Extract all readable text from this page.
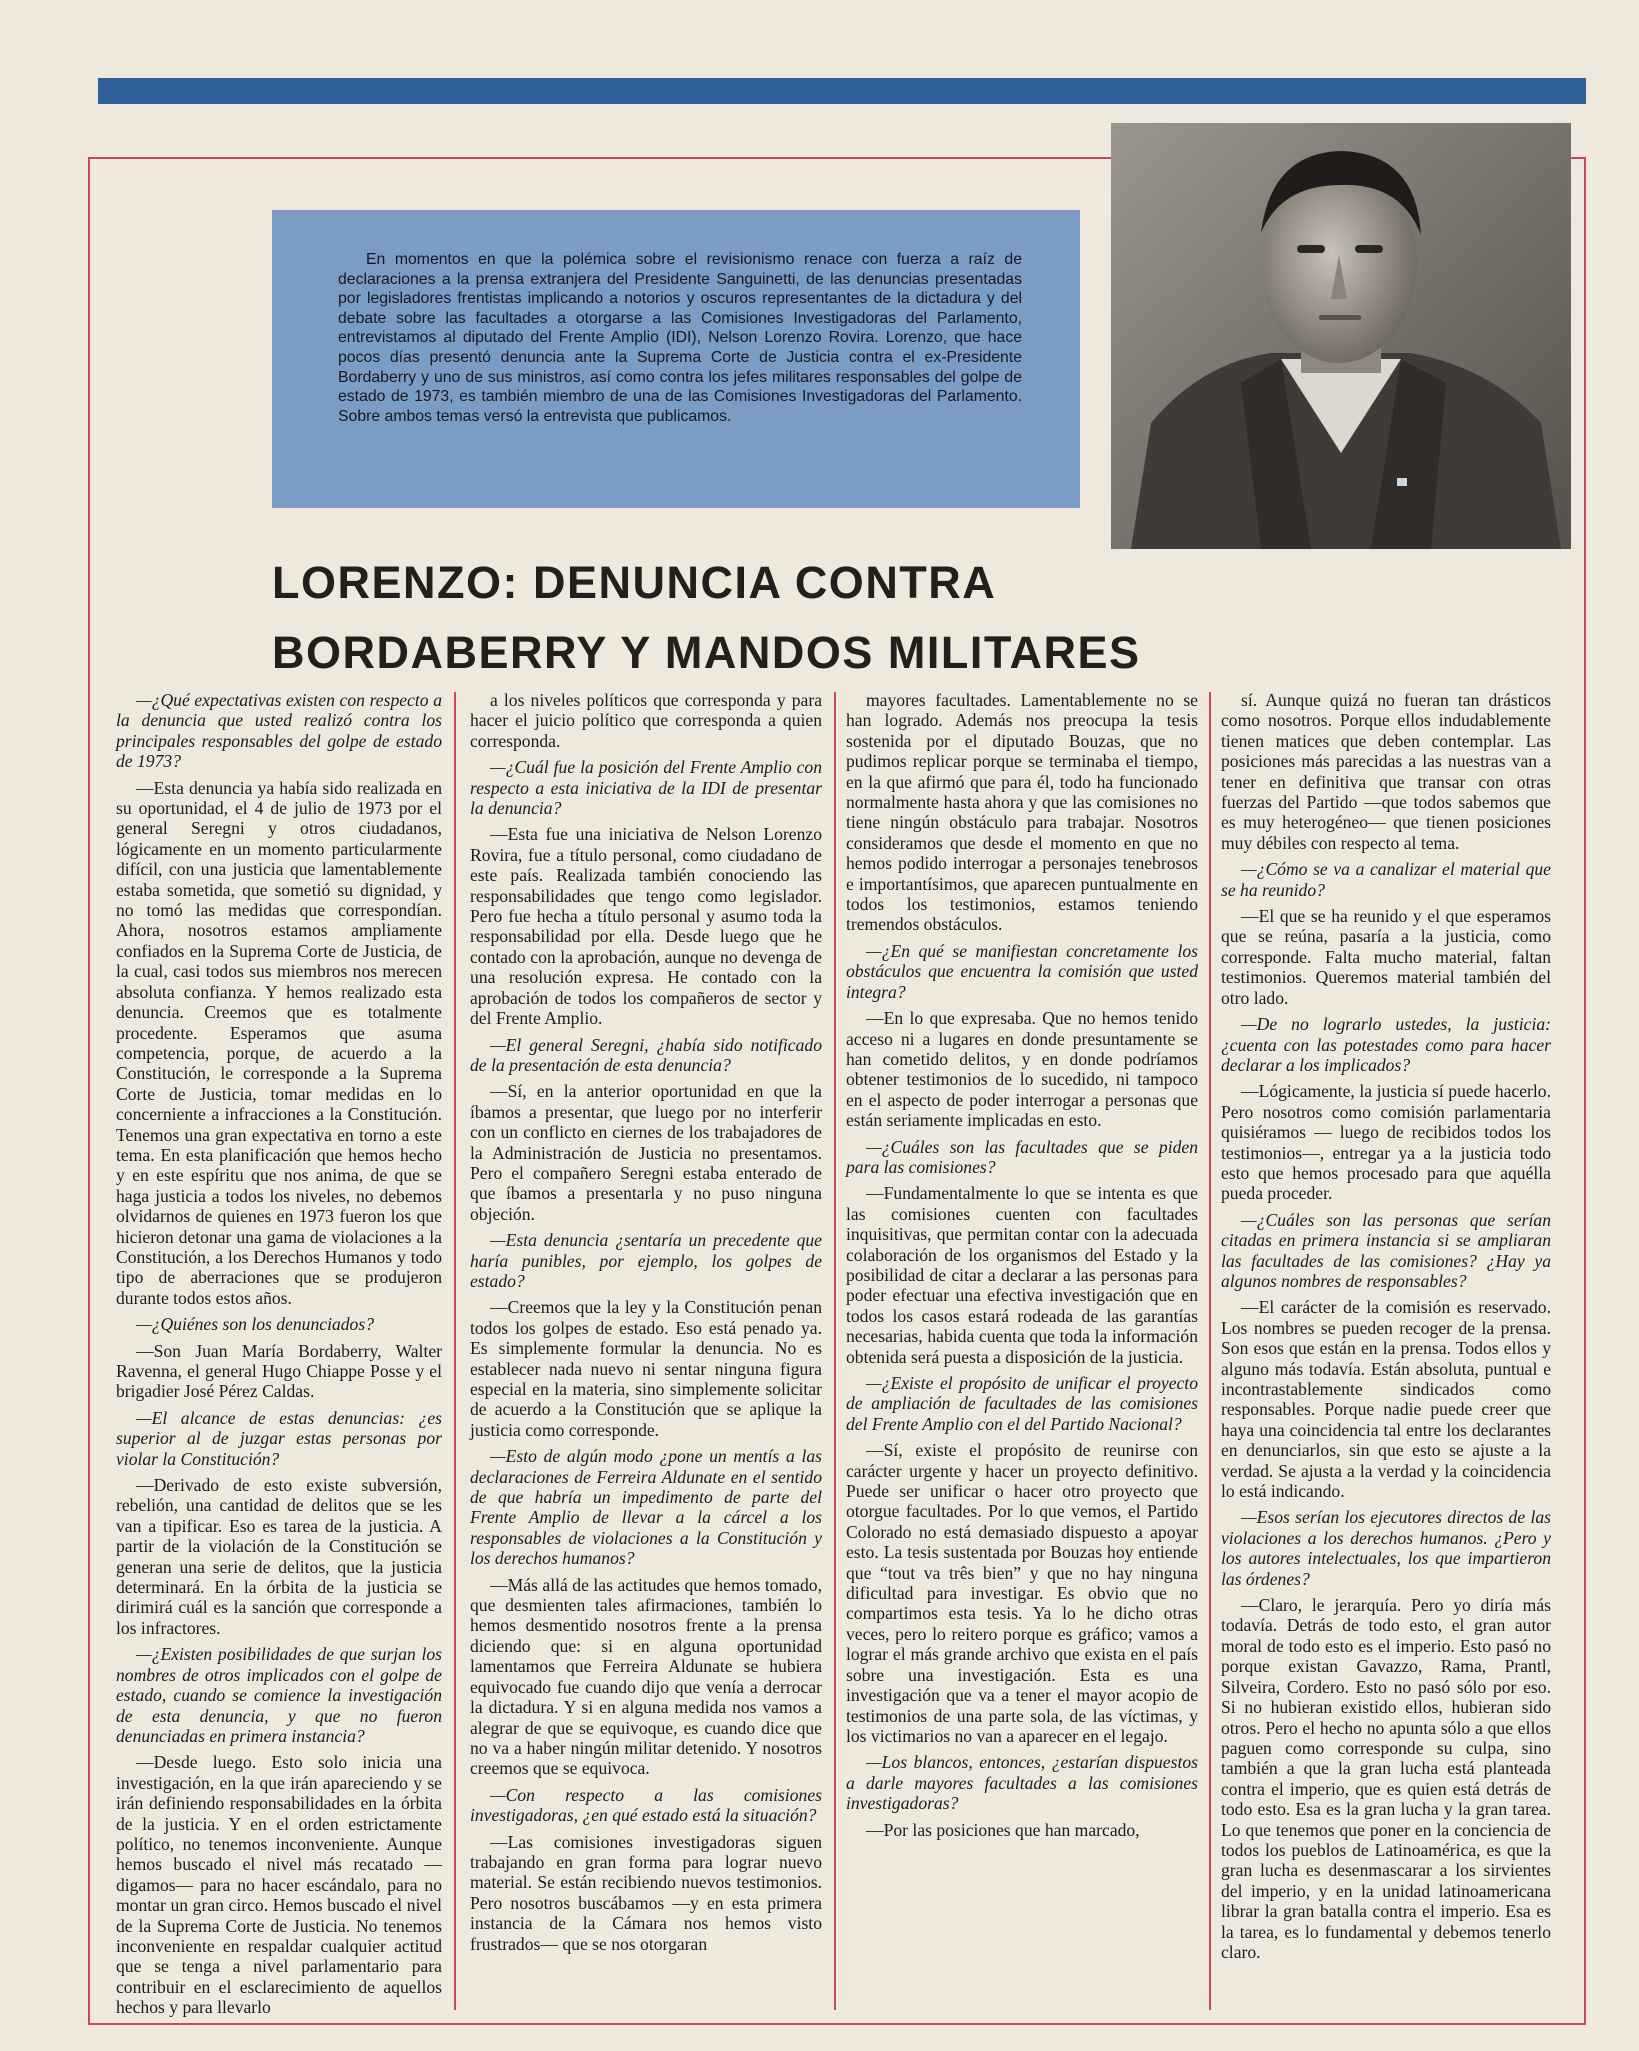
En momentos en que la polémica sobre el revisionismo renace con fuerza a raíz de declaraciones a la prensa extranjera del Presidente Sanguinetti, de las denuncias presentadas por legisladores frentistas implicando a notorios y oscuros representantes de la dictadura y del debate sobre las facultades a otorgarse a las Comisiones Investigadoras del Parlamento, entrevistamos al diputado del Frente Amplio (IDI), Nelson Lorenzo Rovira. Lorenzo, que hace pocos días presentó denuncia ante la Suprema Corte de Justicia contra el ex-Presidente Bordaberry y uno de sus ministros, así como contra los jefes militares responsables del golpe de estado de 1973, es también miembro de una de las Comisiones Investigadoras del Parlamento. Sobre ambos temas versó la entrevista que publicamos.
LORENZO: DENUNCIA CONTRA
BORDABERRY Y MANDOS MILITARES

—¿Qué expectativas existen con respecto a la denuncia que usted realizó contra los principales responsables del golpe de estado de 1973?

—Esta denuncia ya había sido realizada en su oportunidad, el 4 de julio de 1973 por el general Seregni y otros ciudadanos, lógicamente en un momento particularmente difícil, con una justicia que lamentablemente estaba sometida, que sometió su dignidad, y no tomó las medidas que correspondían. Ahora, nosotros estamos ampliamente confiados en la Suprema Corte de Justicia, de la cual, casi todos sus miembros nos merecen absoluta confianza. Y hemos realizado esta denuncia. Creemos que es totalmente procedente. Esperamos que asuma competencia, porque, de acuerdo a la Constitución, le corresponde a la Suprema Corte de Justicia, tomar medidas en lo concerniente a infracciones a la Constitución. Tenemos una gran expectativa en torno a este tema. En esta planificación que hemos hecho y en este espíritu que nos anima, de que se haga justicia a todos los niveles, no debemos olvidarnos de quienes en 1973 fueron los que hicieron detonar una gama de violaciones a la Constitución, a los Derechos Humanos y todo tipo de aberraciones que se produjeron durante todos estos años.

—¿Quiénes son los denunciados?

—Son Juan María Bordaberry, Walter Ravenna, el general Hugo Chiappe Posse y el brigadier José Pérez Caldas.

—El alcance de estas denuncias: ¿es superior al de juzgar estas personas por violar la Constitución?

—Derivado de esto existe subversión, rebelión, una cantidad de delitos que se les van a tipificar. Eso es tarea de la justicia. A partir de la violación de la Constitución se generan una serie de delitos, que la justicia determinará. En la órbita de la justicia se dirimirá cuál es la sanción que corresponde a los infractores.

—¿Existen posibilidades de que surjan los nombres de otros implicados con el golpe de estado, cuando se comience la investigación de esta denuncia, y que no fueron denunciadas en primera instancia?

—Desde luego. Esto solo inicia una investigación, en la que irán apareciendo y se irán definiendo responsabilidades en la órbita de la justicia. Y en el orden estrictamente político, no tenemos inconveniente. Aunque hemos buscado el nivel más recatado —digamos— para no hacer escándalo, para no montar un gran circo. Hemos buscado el nivel de la Suprema Corte de Justicia. No tenemos inconveniente en respaldar cualquier actitud que se tenga a nivel parlamentario para contribuir en el esclarecimiento de aquellos hechos y para llevarlo

a los niveles políticos que corresponda y para hacer el juicio político que corresponda a quien corresponda.

—¿Cuál fue la posición del Frente Amplio con respecto a esta iniciativa de la IDI de presentar la denuncia?

—Esta fue una iniciativa de Nelson Lorenzo Rovira, fue a título personal, como ciudadano de este país. Realizada también conociendo las responsabilidades que tengo como legislador. Pero fue hecha a título personal y asumo toda la responsabilidad por ella. Desde luego que he contado con la aprobación, aunque no devenga de una resolución expresa. He contado con la aprobación de todos los compañeros de sector y del Frente Amplio.

—El general Seregni, ¿había sido notificado de la presentación de esta denuncia?

—Sí, en la anterior oportunidad en que la íbamos a presentar, que luego por no interferir con un conflicto en ciernes de los trabajadores de la Administración de Justicia no presentamos. Pero el compañero Seregni estaba enterado de que íbamos a presentarla y no puso ninguna objeción.

—Esta denuncia ¿sentaría un precedente que haría punibles, por ejemplo, los golpes de estado?

—Creemos que la ley y la Constitución penan todos los golpes de estado. Eso está penado ya. Es simplemente formular la denuncia. No es establecer nada nuevo ni sentar ninguna figura especial en la materia, sino simplemente solicitar de acuerdo a la Constitución que se aplique la justicia como corresponde.

—Esto de algún modo ¿pone un mentís a las declaraciones de Ferreira Aldunate en el sentido de que habría un impedimento de parte del Frente Amplio de llevar a la cárcel a los responsables de violaciones a la Constitución y los derechos humanos?

—Más allá de las actitudes que hemos tomado, que desmienten tales afirmaciones, también lo hemos desmentido nosotros frente a la prensa diciendo que: si en alguna oportunidad lamentamos que Ferreira Aldunate se hubiera equivocado fue cuando dijo que venía a derrocar la dictadura. Y si en alguna medida nos vamos a alegrar de que se equivoque, es cuando dice que no va a haber ningún militar detenido. Y nosotros creemos que se equivoca.

—Con respecto a las comisiones investigadoras, ¿en qué estado está la situación?

—Las comisiones investigadoras siguen trabajando en gran forma para lograr nuevo material. Se están recibiendo nuevos testimonios. Pero nosotros buscábamos —y en esta primera instancia de la Cámara nos hemos visto frustrados— que se nos otorgaran

mayores facultades. Lamentablemente no se han logrado. Además nos preocupa la tesis sostenida por el diputado Bouzas, que no pudimos replicar porque se terminaba el tiempo, en la que afirmó que para él, todo ha funcionado normalmente hasta ahora y que las comisiones no tiene ningún obstáculo para trabajar. Nosotros consideramos que desde el momento en que no hemos podido interrogar a personajes tenebrosos e importantísimos, que aparecen puntualmente en todos los testimonios, estamos teniendo tremendos obstáculos.

—¿En qué se manifiestan concretamente los obstáculos que encuentra la comisión que usted integra?

—En lo que expresaba. Que no hemos tenido acceso ni a lugares en donde presuntamente se han cometido delitos, y en donde podríamos obtener testimonios de lo sucedido, ni tampoco en el aspecto de poder interrogar a personas que están seriamente implicadas en esto.

—¿Cuáles son las facultades que se piden para las comisiones?

—Fundamentalmente lo que se intenta es que las comisiones cuenten con facultades inquisitivas, que permitan contar con la adecuada colaboración de los organismos del Estado y la posibilidad de citar a declarar a las personas para poder efectuar una efectiva investigación que en todos los casos estará rodeada de las garantías necesarias, habida cuenta que toda la información obtenida será puesta a disposición de la justicia.

—¿Existe el propósito de unificar el proyecto de ampliación de facultades de las comisiones del Frente Amplio con el del Partido Nacional?

—Sí, existe el propósito de reunirse con carácter urgente y hacer un proyecto definitivo. Puede ser unificar o hacer otro proyecto que otorgue facultades. Por lo que vemos, el Partido Colorado no está demasiado dispuesto a apoyar esto. La tesis sustentada por Bouzas hoy entiende que “tout va três bien” y que no hay ninguna dificultad para investigar. Es obvio que no compartimos esta tesis. Ya lo he dicho otras veces, pero lo reitero porque es gráfico; vamos a lograr el más grande archivo que exista en el país sobre una investigación. Esta es una investigación que va a tener el mayor acopio de testimonios de una parte sola, de las víctimas, y los victimarios no van a aparecer en el legajo.

—Los blancos, entonces, ¿estarían dispuestos a darle mayores facultades a las comisiones investigadoras?

—Por las posiciones que han marcado,

sí. Aunque quizá no fueran tan drásticos como nosotros. Porque ellos indudablemente tienen matices que deben contemplar. Las posiciones más parecidas a las nuestras van a tener en definitiva que transar con otras fuerzas del Partido —que todos sabemos que es muy heterogéneo— que tienen posiciones muy débiles con respecto al tema.

—¿Cómo se va a canalizar el material que se ha reunido?

—El que se ha reunido y el que esperamos que se reúna, pasaría a la justicia, como corresponde. Falta mucho material, faltan testimonios. Queremos material también del otro lado.

—De no lograrlo ustedes, la justicia: ¿cuenta con las potestades como para hacer declarar a los implicados?

—Lógicamente, la justicia sí puede hacerlo. Pero nosotros como comisión parlamentaria quisiéramos — luego de recibidos todos los testimonios—, entregar ya a la justicia todo esto que hemos procesado para que aquélla pueda proceder.

—¿Cuáles son las personas que serían citadas en primera instancia si se ampliaran las facultades de las comisiones? ¿Hay ya algunos nombres de responsables?

—El carácter de la comisión es reservado. Los nombres se pueden recoger de la prensa. Son esos que están en la prensa. Todos ellos y alguno más todavía. Están absoluta, puntual e incontrastablemente sindicados como responsables. Porque nadie puede creer que haya una coincidencia tal entre los declarantes en denunciarlos, sin que esto se ajuste a la verdad. Se ajusta a la verdad y la coincidencia lo está indicando.

—Esos serían los ejecutores directos de las violaciones a los derechos humanos. ¿Pero y los autores intelectuales, los que impartieron las órdenes?

—Claro, le jerarquía. Pero yo diría más todavía. Detrás de todo esto, el gran autor moral de todo esto es el imperio. Esto pasó no porque existan Gavazzo, Rama, Prantl, Silveira, Cordero. Esto no pasó sólo por eso. Si no hubieran existido ellos, hubieran sido otros. Pero el hecho no apunta sólo a que ellos paguen como corresponde su culpa, sino también a que la gran lucha está planteada contra el imperio, que es quien está detrás de todo esto. Esa es la gran lucha y la gran tarea. Lo que tenemos que poner en la conciencia de todos los pueblos de Latinoamérica, es que la gran lucha es desenmascarar a los sirvientes del imperio, y en la unidad latinoamericana librar la gran batalla contra el imperio. Esa es la tarea, es lo fundamental y debemos tenerlo claro.
